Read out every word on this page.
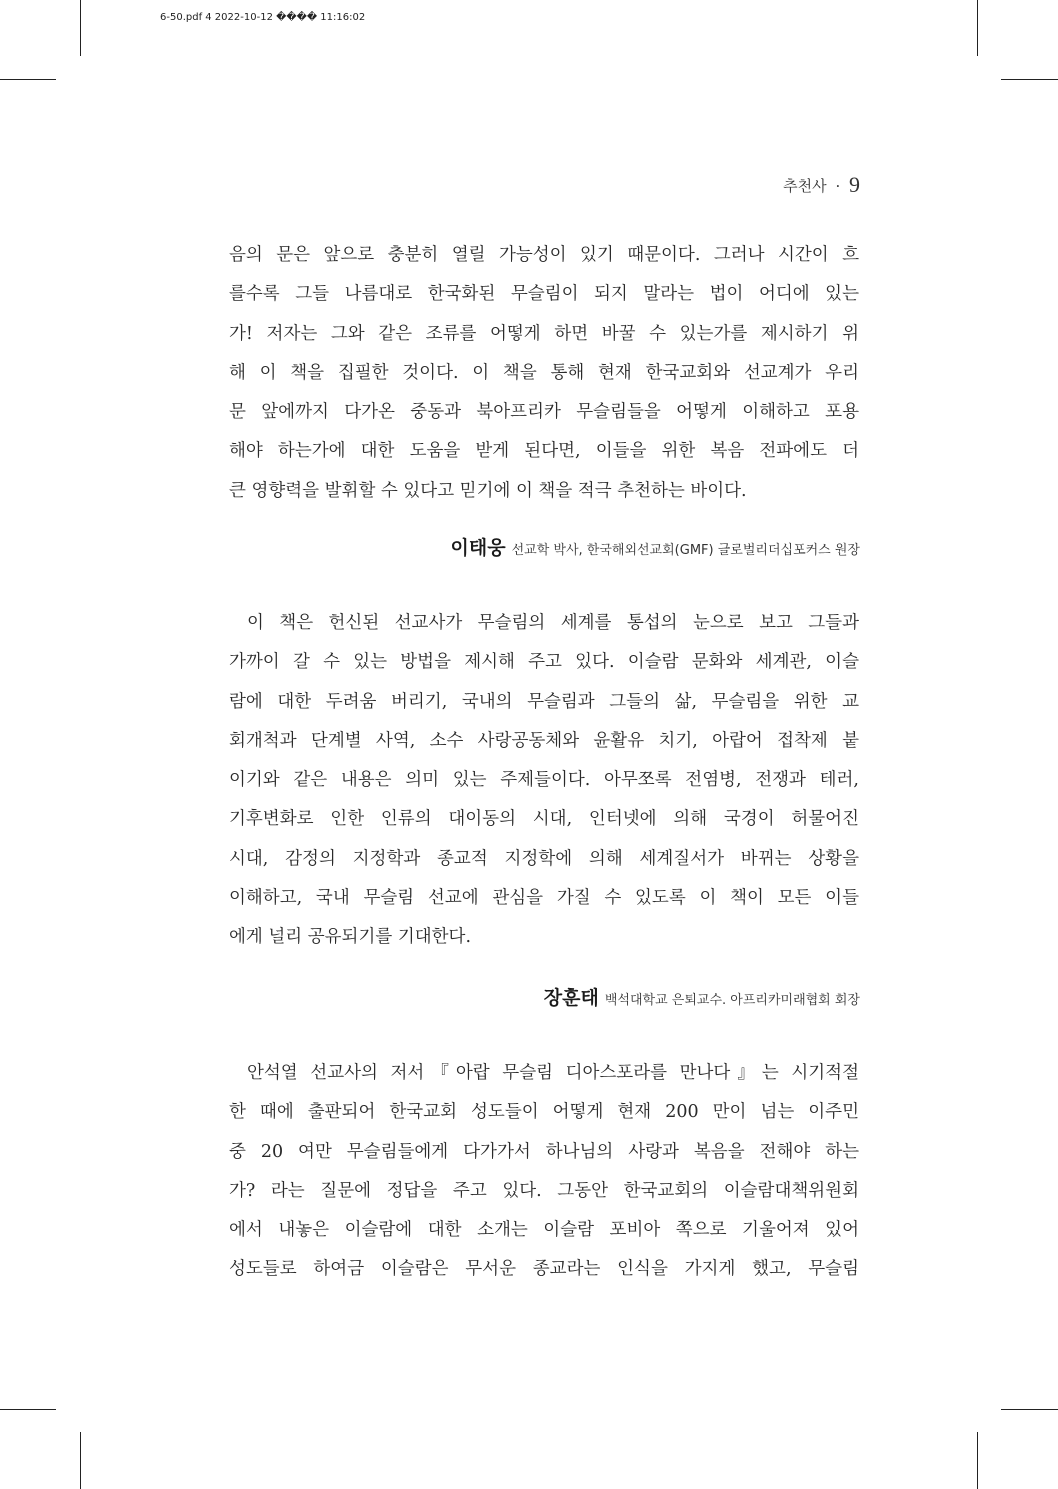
6-50.pdf 4 2022-10-12 ���� 11:16:02
추천사 · 9
음의 문은 앞으로 충분히 열릴 가능성이 있기 때문이다. 그러나 시간이 흐
를수록 그들 나름대로 한국화된 무슬림이 되지 말라는 법이 어디에 있는
가! 저자는 그와 같은 조류를 어떻게 하면 바꿀 수 있는가를 제시하기 위
해 이 책을 집필한 것이다. 이 책을 통해 현재 한국교회와 선교계가 우리
문 앞에까지 다가온 중동과 북아프리카 무슬림들을 어떻게 이해하고 포용
해야 하는가에 대한 도움을 받게 된다면, 이들을 위한 복음 전파에도 더
큰 영향력을 발휘할 수 있다고 믿기에 이 책을 적극 추천하는 바이다.
이태웅 선교학 박사, 한국해외선교회(GMF) 글로벌리더십포커스 원장
이 책은 헌신된 선교사가 무슬림의 세계를 통섭의 눈으로 보고 그들과
가까이 갈 수 있는 방법을 제시해 주고 있다. 이슬람 문화와 세계관, 이슬
람에 대한 두려움 버리기, 국내의 무슬림과 그들의 삶, 무슬림을 위한 교
회개척과 단계별 사역, 소수 사랑공동체와 윤활유 치기, 아랍어 접착제 붙
이기와 같은 내용은 의미 있는 주제들이다. 아무쪼록 전염병, 전쟁과 테러,
기후변화로 인한 인류의 대이동의 시대, 인터넷에 의해 국경이 허물어진
시대, 감정의 지정학과 종교적 지정학에 의해 세계질서가 바뀌는 상황을
이해하고, 국내 무슬림 선교에 관심을 가질 수 있도록 이 책이 모든 이들
에게 널리 공유되기를 기대한다.
장훈태 백석대학교 은퇴교수. 아프리카미래협회 회장
안석열 선교사의 저서『아랍 무슬림 디아스포라를 만나다』는 시기적절
한 때에 출판되어 한국교회 성도들이 어떻게 현재 200 만이 넘는 이주민
중 20 여만 무슬림들에게 다가가서 하나님의 사랑과 복음을 전해야 하는
가? 라는 질문에 정답을 주고 있다. 그동안 한국교회의 이슬람대책위원회
에서 내놓은 이슬람에 대한 소개는 이슬람 포비아 쪽으로 기울어져 있어
성도들로 하여금 이슬람은 무서운 종교라는 인식을 가지게 했고, 무슬림
